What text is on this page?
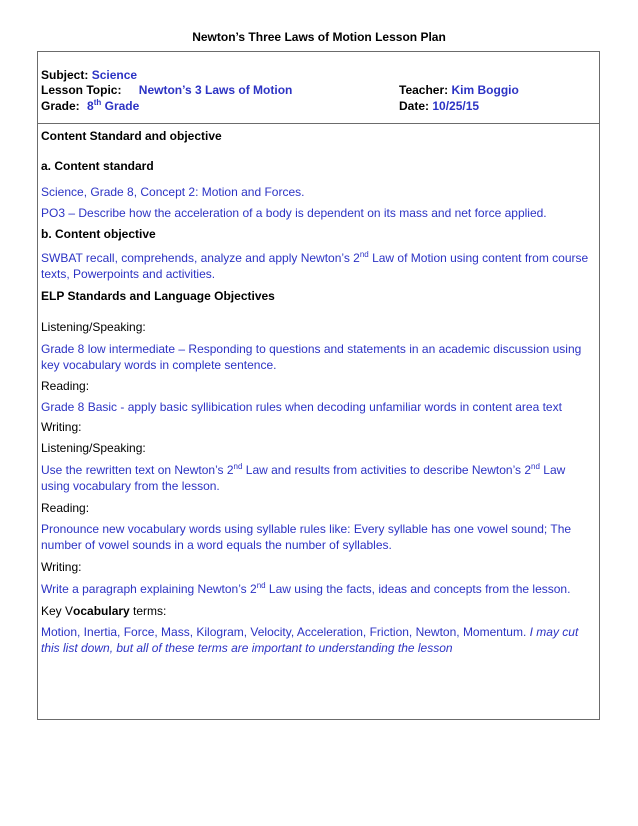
Newton’s Three Laws of Motion Lesson Plan
Subject: Science
Lesson Topic: Newton’s 3 Laws of Motion	Teacher: Kim Boggio
Grade: 8th Grade	Date: 10/25/15
Content Standard and objective
a. Content standard
Science, Grade 8, Concept 2: Motion and Forces.
PO3 – Describe how the acceleration of a body is dependent on its mass and net force applied.
b. Content objective
SWBAT recall, comprehends, analyze and apply Newton’s 2nd Law of Motion using content from course texts, Powerpoints and activities.
ELP Standards and Language Objectives
Listening/Speaking:
Grade 8 low intermediate – Responding to questions and statements in an academic discussion using key vocabulary words in complete sentence.
Reading:
Grade 8 Basic - apply basic syllibication rules when decoding unfamiliar words in content area text
Writing:
Listening/Speaking:
Use the rewritten text on Newton’s 2nd Law and results from activities to describe Newton’s 2nd Law using vocabulary from the lesson.
Reading:
Pronounce new vocabulary words using syllable rules like: Every syllable has one vowel sound; The number of vowel sounds in a word equals the number of syllables.
Writing:
Write a paragraph explaining Newton’s 2nd Law using the facts, ideas and concepts from the lesson.
Key Vocabulary terms:
Motion, Inertia, Force, Mass, Kilogram, Velocity, Acceleration, Friction, Newton, Momentum. I may cut this list down, but all of these terms are important to understanding the lesson
